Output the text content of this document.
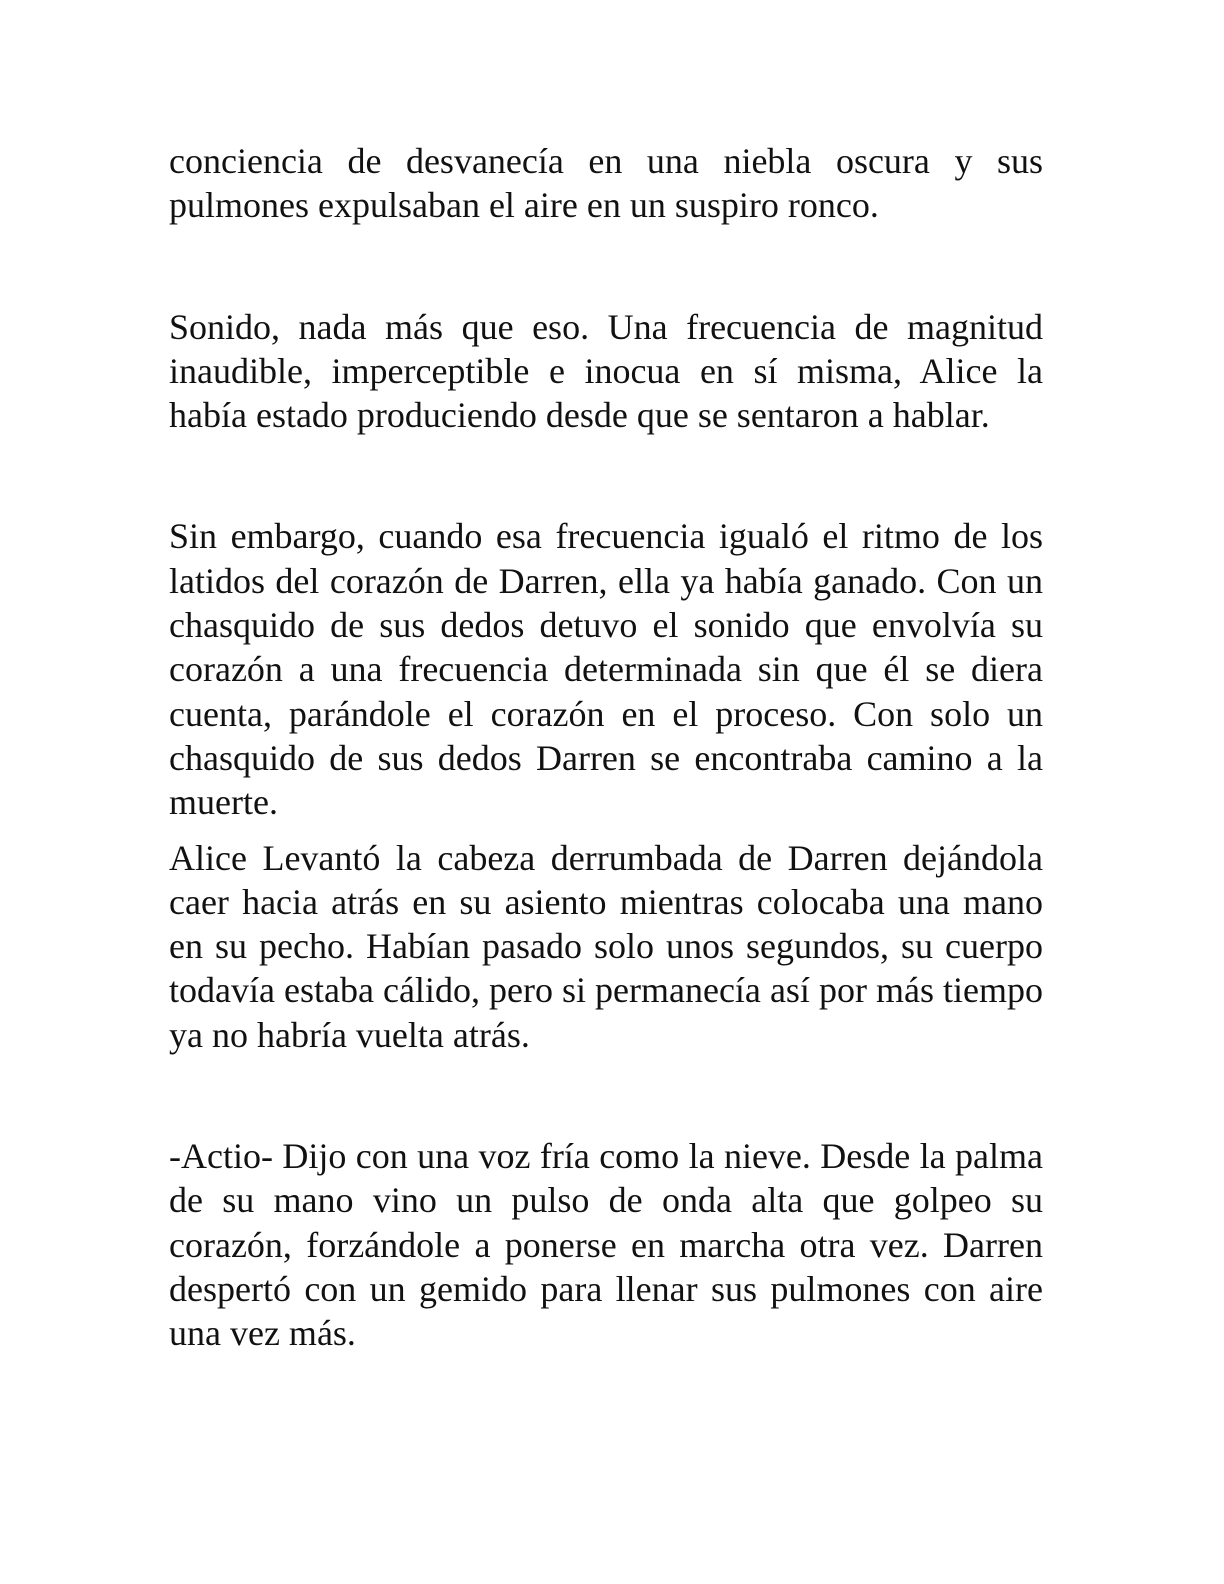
conciencia de desvanecía en una niebla oscura y sus pulmones expulsaban el aire en un suspiro ronco.

Sonido, nada más que eso. Una frecuencia de magnitud inaudible, imperceptible e inocua en sí misma, Alice la había estado produciendo desde que se sentaron a hablar.

Sin embargo, cuando esa frecuencia igualó el ritmo de los latidos del corazón de Darren, ella ya había ganado. Con un chasquido de sus dedos detuvo el sonido que envolvía su corazón a una frecuencia determinada sin que él se diera cuenta, parándole el corazón en el proceso. Con solo un chasquido de sus dedos Darren se encontraba camino a la muerte.

Alice Levantó la cabeza derrumbada de Darren dejándola caer hacia atrás en su asiento mientras colocaba una mano en su pecho. Habían pasado solo unos segundos, su cuerpo todavía estaba cálido, pero si permanecía así por más tiempo ya no habría vuelta atrás.

-Actio- Dijo con una voz fría como la nieve. Desde la palma de su mano vino un pulso de onda alta que golpeo su corazón, forzándole a ponerse en marcha otra vez. Darren despertó con un gemido para llenar sus pulmones con aire una vez más.
